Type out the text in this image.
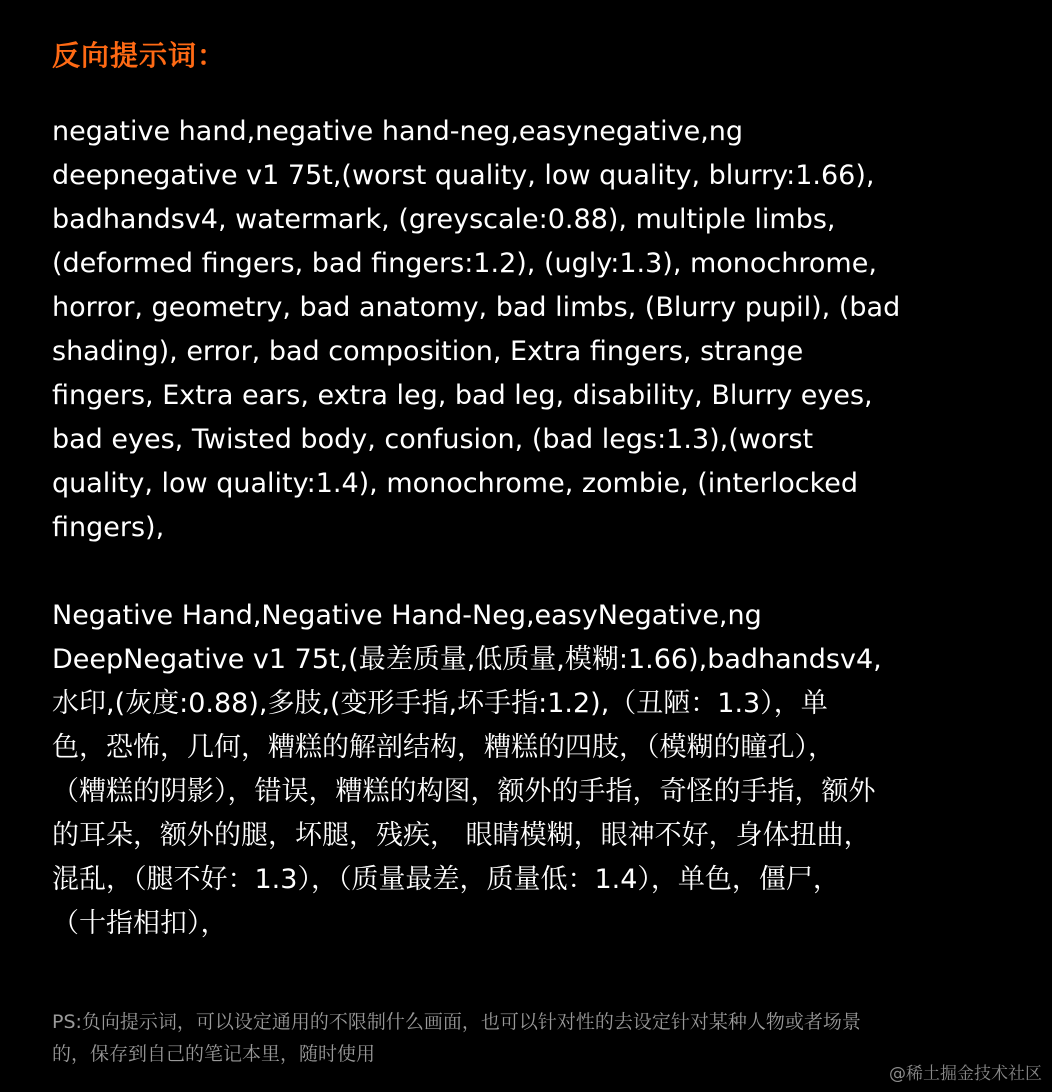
反向提示词：
negative hand,negative hand-neg,easynegative,ng
deepnegative v1 75t,(worst quality, low quality, blurry:1.66),
badhandsv4, watermark, (greyscale:0.88), multiple limbs,
(deformed fingers, bad fingers:1.2), (ugly:1.3), monochrome,
horror, geometry, bad anatomy, bad limbs, (Blurry pupil), (bad
shading), error, bad composition, Extra fingers, strange
fingers, Extra ears, extra leg, bad leg, disability, Blurry eyes,
bad eyes, Twisted body, confusion, (bad legs:1.3),(worst
quality, low quality:1.4), monochrome, zombie, (interlocked
fingers),
Negative Hand,Negative Hand-Neg,easyNegative,ng
DeepNegative v1 75t,(最差质量,低质量,模糊:1.66),badhandsv4,
水印,(灰度:0.88),多肢,(变形手指,坏手指:1.2),（丑陋：1.3），单
色，恐怖，几何，糟糕的解剖结构，糟糕的四肢，（模糊的瞳孔），
（糟糕的阴影），错误，糟糕的构图，额外的手指，奇怪的手指，额外
的耳朵，额外的腿，坏腿，残疾， 眼睛模糊，眼神不好，身体扭曲，
混乱，（腿不好：1.3），（质量最差，质量低：1.4），单色，僵尸，
（十指相扣），
PS:负向提示词，可以设定通用的不限制什么画面，也可以针对性的去设定针对某种人物或者场景
的，保存到自己的笔记本里，随时使用
@稀土掘金技术社区
